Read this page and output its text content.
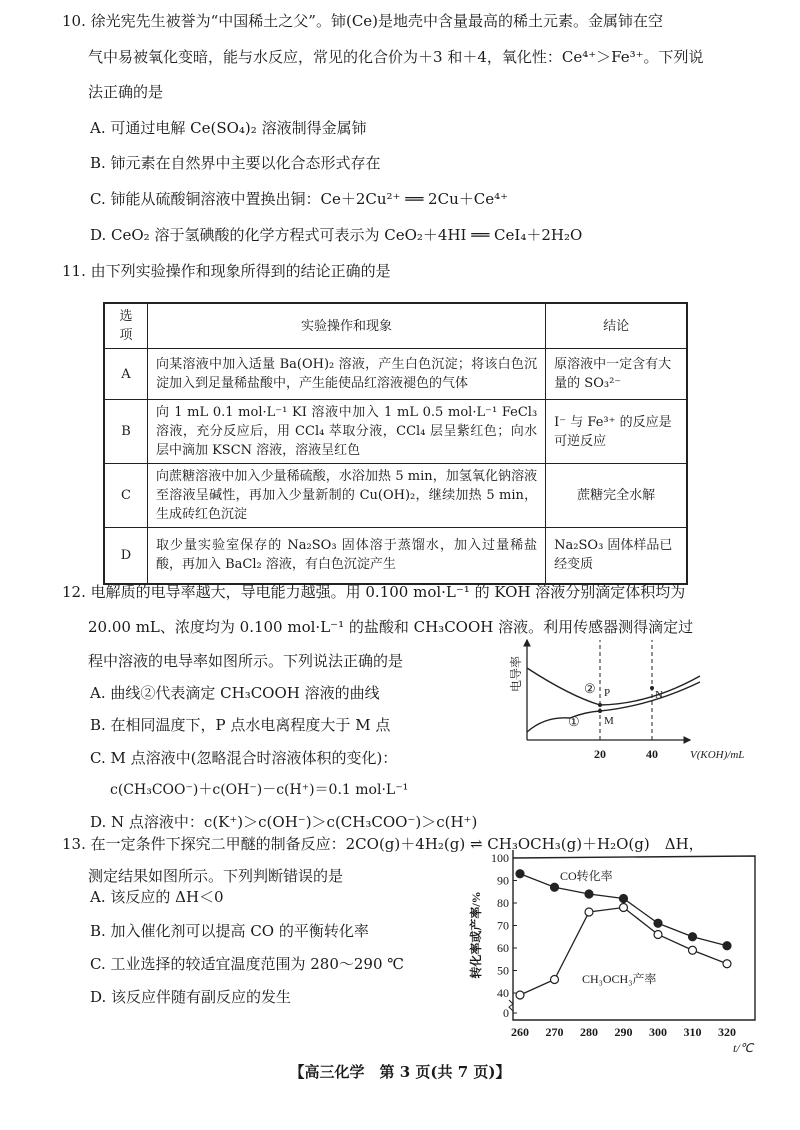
10. 徐光宪先生被誉为“中国稀土之父”。铈(Ce)是地壳中含量最高的稀土元素。金属铈在空
气中易被氧化变暗，能与水反应，常见的化合价为＋3 和＋4，氧化性：Ce⁴⁺＞Fe³⁺。下列说
法正确的是
A. 可通过电解 Ce(SO₄)₂ 溶液制得金属铈
B. 铈元素在自然界中主要以化合态形式存在
C. 铈能从硫酸铜溶液中置换出铜：Ce＋2Cu²⁺ ══ 2Cu＋Ce⁴⁺
D. CeO₂ 溶于氢碘酸的化学方程式可表示为 CeO₂＋4HI ══ CeI₄＋2H₂O
11. 由下列实验操作和现象所得到的结论正确的是
选项	实验操作和现象	结论
A	向某溶液中加入适量 Ba(OH)₂ 溶液，产生白色沉淀；将该白色沉淀加入到足量稀盐酸中，产生能使品红溶液褪色的气体	原溶液中一定含有大量的 SO₃²⁻
B	向 1 mL 0.1 mol·L⁻¹ KI 溶液中加入 1 mL 0.5 mol·L⁻¹ FeCl₃ 溶液，充分反应后，用 CCl₄ 萃取分液，CCl₄ 层呈紫红色；向水层中滴加 KSCN 溶液，溶液呈红色	I⁻ 与 Fe³⁺ 的反应是可逆反应
C	向蔗糖溶液中加入少量稀硫酸，水浴加热 5 min，加氢氧化钠溶液至溶液呈碱性，再加入少量新制的 Cu(OH)₂，继续加热 5 min，生成砖红色沉淀	蔗糖完全水解
D	取少量实验室保存的 Na₂SO₃ 固体溶于蒸馏水，加入过量稀盐酸，再加入 BaCl₂ 溶液，有白色沉淀产生	Na₂SO₃ 固体样品已经变质
12. 电解质的电导率越大，导电能力越强。用 0.100 mol·L⁻¹ 的 KOH 溶液分别滴定体积均为
20.00 mL、浓度均为 0.100 mol·L⁻¹ 的盐酸和 CH₃COOH 溶液。利用传感器测得滴定过
程中溶液的电导率如图所示。下列说法正确的是
A. 曲线②代表滴定 CH₃COOH 溶液的曲线
B. 在相同温度下，P 点水电离程度大于 M 点
C. M 点溶液中(忽略混合时溶液体积的变化)：
c(CH₃COO⁻)＋c(OH⁻)－c(H⁺)＝0.1 mol·L⁻¹
D. N 点溶液中：c(K⁺)＞c(OH⁻)＞c(CH₃COO⁻)＞c(H⁺)
电导率
20	40	V(KOH)/mL
①
② P
M
N
13. 在一定条件下探究二甲醚的制备反应：2CO(g)＋4H₂(g) ⇌ CH₃OCH₃(g)＋H₂O(g)　ΔH，
测定结果如图所示。下列判断错误的是
A. 该反应的 ΔH＜0
B. 加入催化剂可以提高 CO 的平衡转化率
C. 工业选择的较适宜温度范围为 280～290 ℃
D. 该反应伴随有副反应的发生
100
90
80
70
60
50
40
0
260 270 280 290 300 310 320
t/℃
转化率或产率/%
CO转化率
CH₃OCH₃产率
【高三化学　第 3 页(共 7 页)】
